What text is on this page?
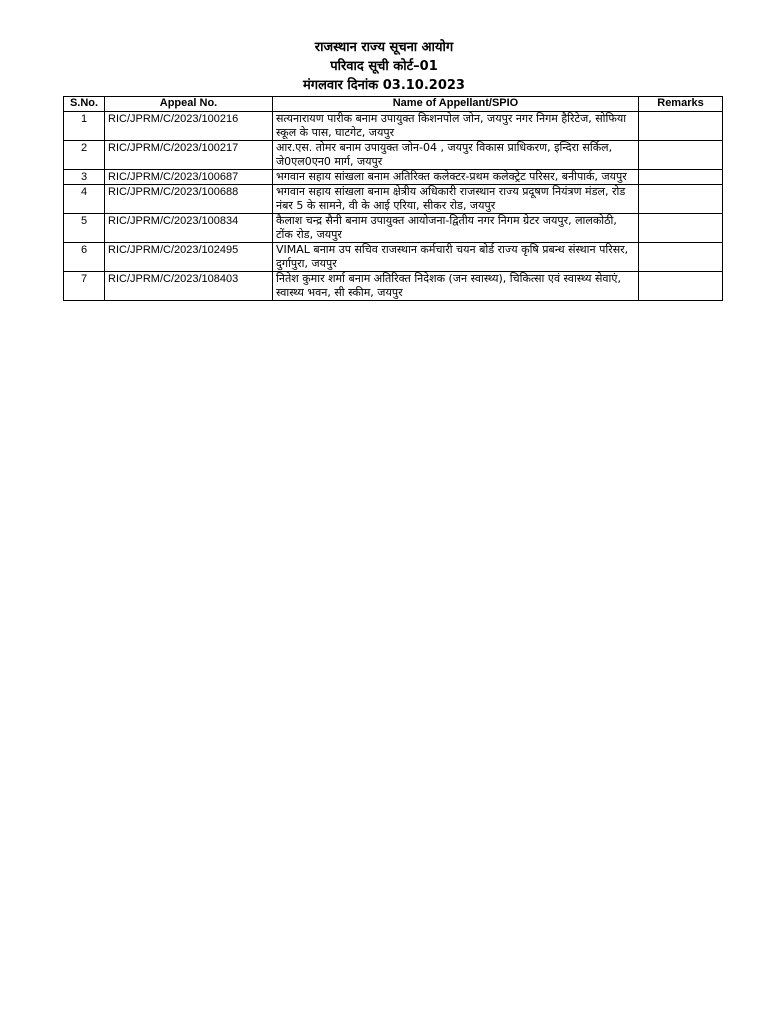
राजस्थान राज्य सूचना आयोग
परिवाद सूची कोर्ट–01
मंगलवार दिनांक 03.10.2023
S.No.	Appeal No.	Name of Appellant/SPIO	Remarks
1	RIC/JPRM/C/2023/100216	सत्यनारायण पारीक बनाम उपायुक्त किशनपोल जोन, जयपुर नगर निगम हैरिटेज, सोफिया स्कूल के पास, घाटगेट, जयपुर	
2	RIC/JPRM/C/2023/100217	आर.एस. तोमर बनाम उपायुक्त जोन-04 , जयपुर विकास प्राधिकरण, इन्दिरा सर्किल, जे0एल0एन0 मार्ग, जयपुर	
3	RIC/JPRM/C/2023/100687	भगवान सहाय सांखला बनाम अतिरिक्त कलेक्टर-प्रथम कलेक्ट्रेट परिसर, बनीपार्क, जयपुर	
4	RIC/JPRM/C/2023/100688	भगवान सहाय सांखला बनाम क्षेत्रीय अधिकारी राजस्थान राज्य प्रदूषण नियंत्रण मंडल, रोड नंबर 5 के सामने, वी के आई एरिया, सीकर रोड, जयपुर	
5	RIC/JPRM/C/2023/100834	कैलाश चन्द्र सैनी बनाम उपायुक्त आयोजना-द्वितीय नगर निगम ग्रेटर जयपुर, लालकोठी, टोंक रोड, जयपुर	
6	RIC/JPRM/C/2023/102495	VIMAL बनाम उप सचिव राजस्थान कर्मचारी चयन बोर्ड राज्य कृषि प्रबन्ध संस्थान परिसर, दुर्गापुरा, जयपुर	
7	RIC/JPRM/C/2023/108403	नितेश कुमार शर्मा बनाम अतिरिक्त निदेशक (जन स्वास्थ्य), चिकित्सा एवं स्वास्थ्य सेवाएं, स्वास्थ्य भवन, सी स्कीम, जयपुर	
